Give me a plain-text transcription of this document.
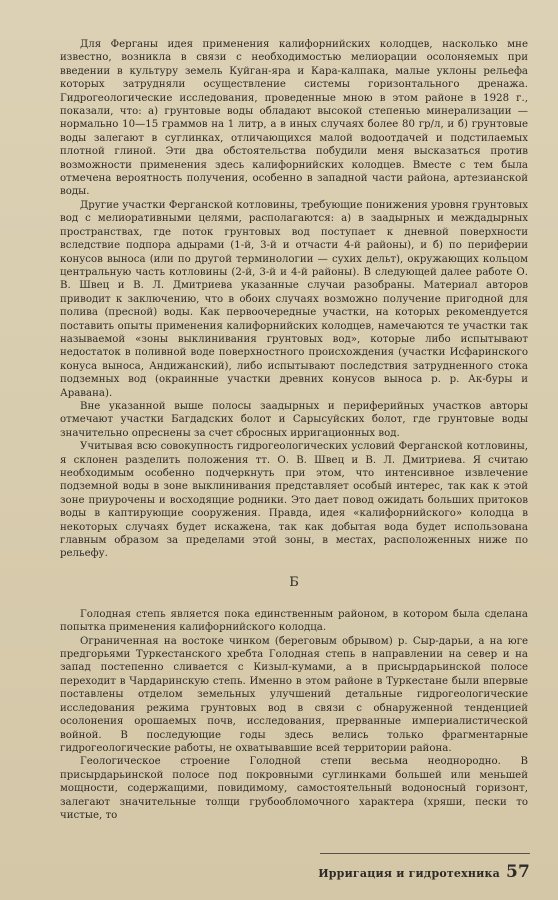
Для Ферганы идея применения калифорнийских колодцев, насколько мне известно, возникла в связи с необходимостью мелиорации осолоняемых при введении в культуру земель Куйган-яра и Кара-калпака, малые уклоны рельефа которых затрудняли осуществление системы горизонтального дренажа. Гидрогеологические исследования, проведенные мною в этом районе в 1928 г., показали, что: а) грунтовые воды обладают высокой степенью минерализации — нормально 10—15 граммов на 1 литр, а в иных случаях более 80 гр/л, и б) грунтовые воды залегают в суглинках, отличающихся малой водоотдачей и подстилаемых плотной глиной. Эти два обстоятельства побудили меня высказаться против возможности применения здесь калифорнийских колодцев. Вместе с тем была отмечена вероятность получения, особенно в западной части района, артезианской воды.

Другие участки Ферганской котловины, требующие понижения уровня грунтовых вод с мелиоративными целями, располагаются: а) в заадырных и междадырных пространствах, где поток грунтовых вод поступает к дневной поверхности вследствие подпора адырами (1-й, 3-й и отчасти 4-й районы), и б) по периферии конусов выноса (или по другой терминологии — сухих дельт), окружающих кольцом центральную часть котловины (2-й, 3-й и 4-й районы). В следующей далее работе О. В. Швец и В. Л. Дмитриева указанные случаи разобраны. Материал авторов приводит к заключению, что в обоих случаях возможно получение пригодной для полива (пресной) воды. Как первоочередные участки, на которых рекомендуется поставить опыты применения калифорнийских колодцев, намечаются те участки так называемой «зоны выклинивания грунтовых вод», которые либо испытывают недостаток в поливной воде поверхностного происхождения (участки Исфаринского конуса выноса, Андижанский), либо испытывают последствия затрудненного стока подземных вод (окраинные участки древних конусов выноса р. р. Ак-буры и Аравана).

Вне указанной выше полосы заадырных и периферийных участков авторы отмечают участки Багдадских болот и Сарысуйских болот, где грунтовые воды значительно опреснены за счет сбросных ирригационных вод.

Учитывая всю совокупность гидрогеологических условий Ферганской котловины, я склонен разделить положения тт. О. В. Швец и В. Л. Дмитриева. Я считаю необходимым особенно подчеркнуть при этом, что интенсивное извлечение подземной воды в зоне выклинивания представляет особый интерес, так как к этой зоне приурочены и восходящие родники. Это дает повод ожидать больших притоков воды в каптирующие сооружения. Правда, идея «калифорнийского» колодца в некоторых случаях будет искажена, так как добытая вода будет использована главным образом за пределами этой зоны, в местах, расположенных ниже по рельефу.

Б

Голодная степь является пока единственным районом, в котором была сделана попытка применения калифорнийского колодца.

Ограниченная на востоке чинком (береговым обрывом) р. Сыр-дарьи, а на юге предгорьями Туркестанского хребта Голодная степь в направлении на север и на запад постепенно сливается с Кизыл-кумами, а в приcырдарьинской полосе переходит в Чардаринскую степь. Именно в этом районе в Туркестане были впервые поставлены отделом земельных улучшений детальные гидрогеологические исследования режима грунтовых вод в связи с обнаруженной тенденцией осолонения орошаемых почв, исследования, прерванные империалистической войной. В последующие годы здесь велись только фрагментарные гидрогеологические работы, не охватывавшие всей территории района.

Геологическое строение Голодной степи весьма неоднородно. В приcырдарьинской полосе под покровными суглинками большей или меньшей мощности, содержащими, повидимому, самостоятельный водоносный горизонт, залегают значительные толщи грубообломочного характера (хряши, пески то чистые, то

Ирригация и гидротехника 57
